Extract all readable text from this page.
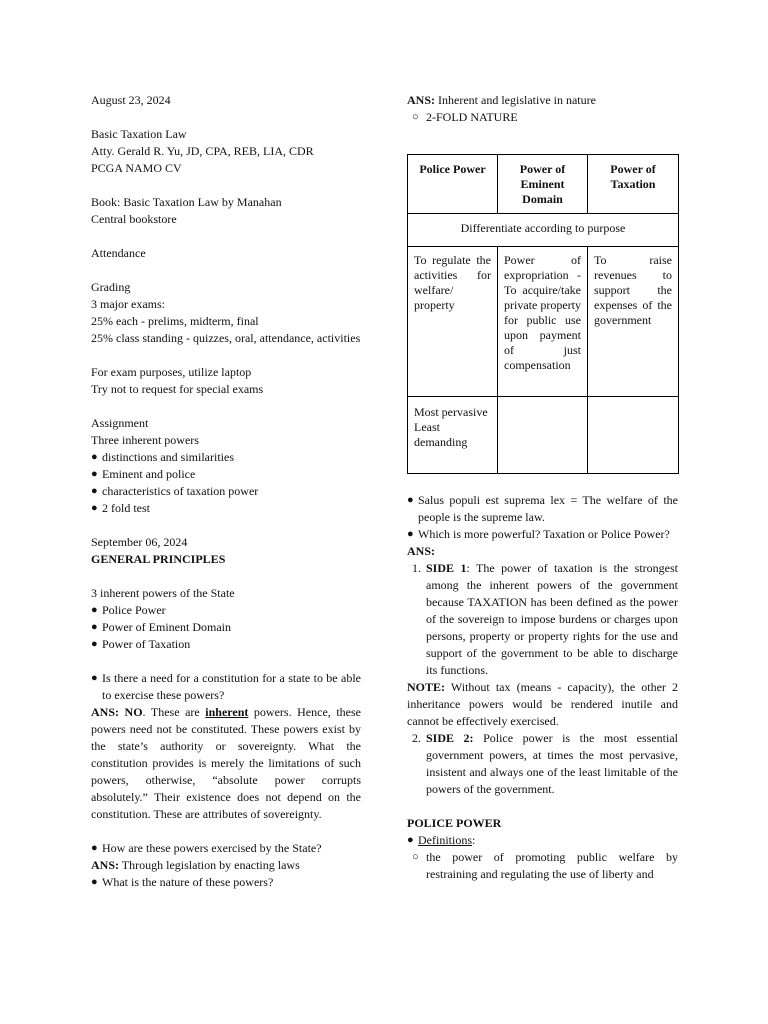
August 23, 2024

Basic Taxation Law

Atty. Gerald R. Yu, JD, CPA, REB, LIA, CDR

PCGA NAMO CV

Book: Basic Taxation Law by Manahan

Central bookstore

Attendance

Grading

3 major exams:

25% each - prelims, midterm, final

25% class standing - quizzes, oral, attendance, activities

For exam purposes, utilize laptop

Try not to request for special exams

Assignment

Three inherent powers

● distinctions and similarities
● Eminent and police
● characteristics of taxation power
● 2 fold test

September 06, 2024

GENERAL PRINCIPLES

3 inherent powers of the State

● Police Power
● Power of Eminent Domain
● Power of Taxation
● Is there a need for a constitution for a state to be able to exercise these powers?

ANS: NO. These are inherent powers. Hence, these powers need not be constituted. These powers exist by the state’s authority or sovereignty. What the constitution provides is merely the limitations of such powers, otherwise, “absolute power corrupts absolutely.” Their existence does not depend on the constitution. These are attributes of sovereignty.

● How are these powers exercised by the State?

ANS: Through legislation by enacting laws

● What is the nature of these powers?

ANS: Inherent and legislative in nature

○ 2-FOLD NATURE
Police Power	Power of Eminent Domain	Power of Taxation
Differentiate according to purpose		
To regulate the activities for welfare/ property	Power of expropriation - To acquire/take private property for public use upon payment of just compensation	To raise revenues to support the expenses of the government

Most pervasive
Least demanding		

● Salus populi est suprema lex = The welfare of the people is the supreme law.
● Which is more powerful? Taxation or Police Power?

ANS:

1. SIDE 1: The power of taxation is the strongest among the inherent powers of the government because TAXATION has been defined as the power of the sovereign to impose burdens or charges upon persons, property or property rights for the use and support of the government to be able to discharge its functions.

NOTE: Without tax (means - capacity), the other 2 inheritance powers would be rendered inutile and cannot be effectively exercised.

2. SIDE 2: Police power is the most essential government powers, at times the most pervasive, insistent and always one of the least limitable of the powers of the government.

POLICE POWER

● Definitions:
○ the power of promoting public welfare by restraining and regulating the use of liberty and
